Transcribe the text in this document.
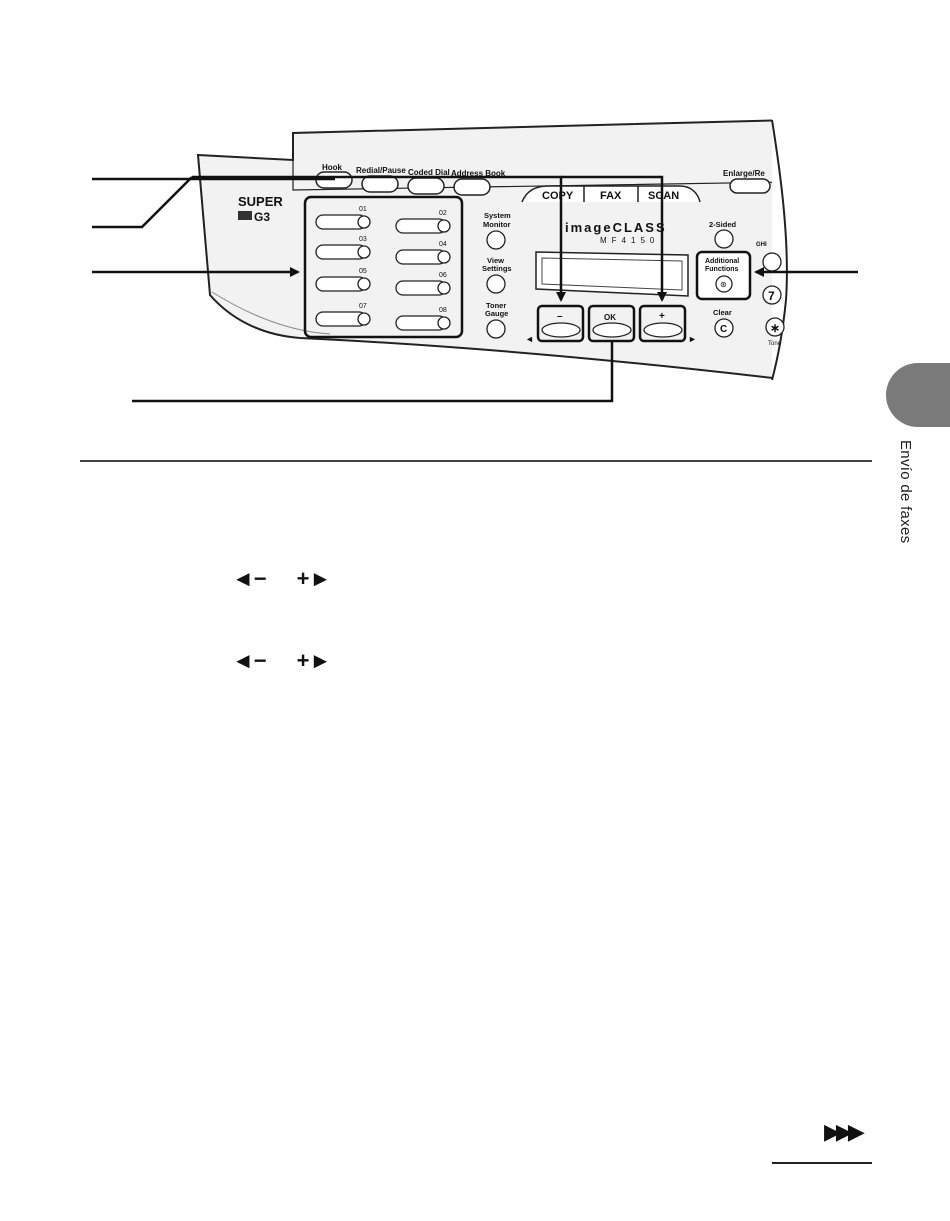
Hook Redial/Pause Coded Dial Address Book	Enlarge/Re
COPY FAX SCAN
SUPER
G3
01
02
03
04
05
06
07
08
System
Monitor
View
Settings
Toner
Gauge
imageCLASS
MF4150
◄	►
–	OK	+
2-Sided
Additional
Functions
⊛
Clear
C
GHI
7
∗
Tone
Envío de faxes
◄− +►
◄− +►
▶▶▶
